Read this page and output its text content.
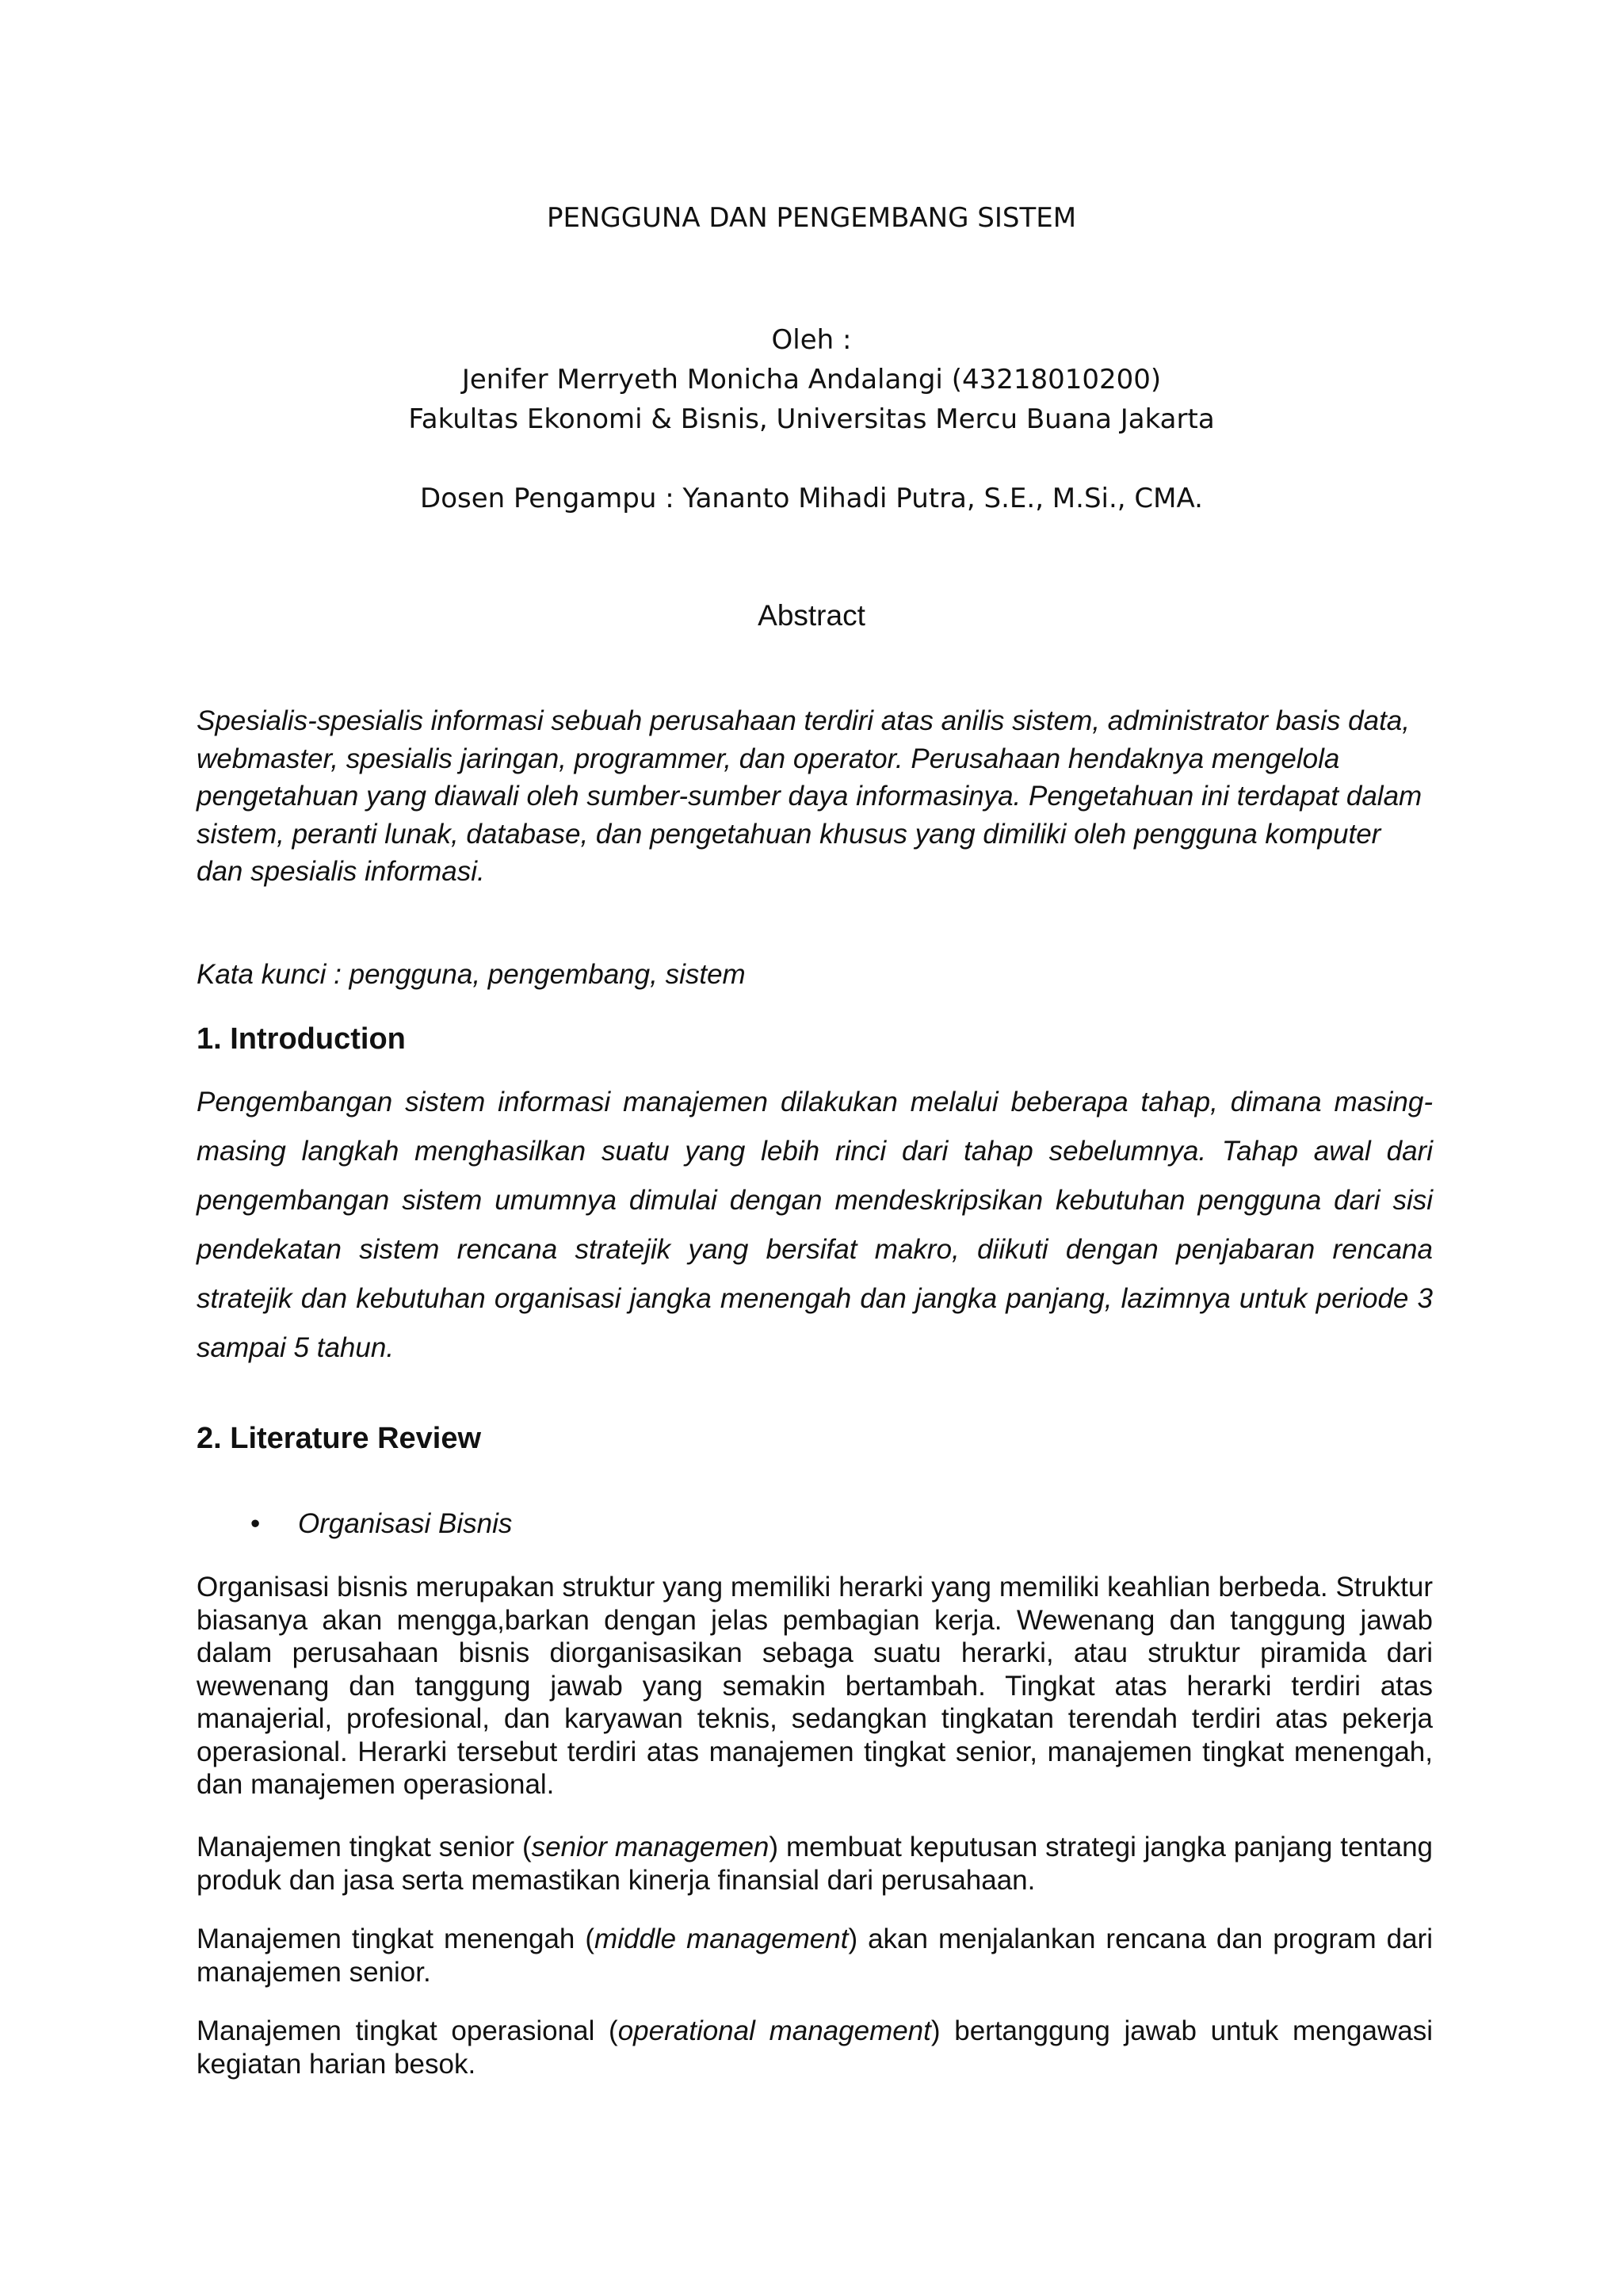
PENGGUNA DAN PENGEMBANG SISTEM
Oleh :
Jenifer Merryeth Monicha Andalangi (43218010200)
Fakultas Ekonomi & Bisnis, Universitas Mercu Buana Jakarta
Dosen Pengampu : Yananto Mihadi Putra, S.E., M.Si., CMA.
Abstract
Spesialis-spesialis informasi sebuah perusahaan terdiri atas anilis sistem, administrator basis data, webmaster, spesialis jaringan, programmer, dan operator. Perusahaan hendaknya mengelola pengetahuan yang diawali oleh sumber-sumber daya informasinya. Pengetahuan ini terdapat dalam sistem, peranti lunak, database, dan pengetahuan khusus yang dimiliki oleh pengguna komputer dan spesialis informasi.
Kata kunci : pengguna, pengembang, sistem
1. Introduction
Pengembangan sistem informasi manajemen dilakukan melalui beberapa tahap, dimana masing-masing langkah menghasilkan suatu yang lebih rinci dari tahap sebelumnya. Tahap awal dari pengembangan sistem umumnya dimulai dengan mendeskripsikan kebutuhan pengguna dari sisi pendekatan sistem rencana stratejik yang bersifat makro, diikuti dengan penjabaran rencana stratejik dan kebutuhan organisasi jangka menengah dan jangka panjang, lazimnya untuk periode 3 sampai 5 tahun.
2. Literature Review
• Organisasi Bisnis
Organisasi bisnis merupakan struktur yang memiliki herarki yang memiliki keahlian berbeda. Struktur biasanya akan mengga,barkan dengan jelas pembagian kerja. Wewenang dan tanggung jawab dalam perusahaan bisnis diorganisasikan sebaga suatu herarki, atau struktur piramida dari wewenang dan tanggung jawab yang semakin bertambah. Tingkat atas herarki terdiri atas manajerial, profesional, dan karyawan teknis, sedangkan tingkatan terendah terdiri atas pekerja operasional. Herarki tersebut terdiri atas manajemen tingkat senior, manajemen tingkat menengah, dan manajemen operasional.
Manajemen tingkat senior (senior managemen) membuat keputusan strategi jangka panjang tentang produk dan jasa serta memastikan kinerja finansial dari perusahaan.
Manajemen tingkat menengah (middle management) akan menjalankan rencana dan program dari manajemen senior.
Manajemen tingkat operasional (operational management) bertanggung jawab untuk mengawasi kegiatan harian besok.
